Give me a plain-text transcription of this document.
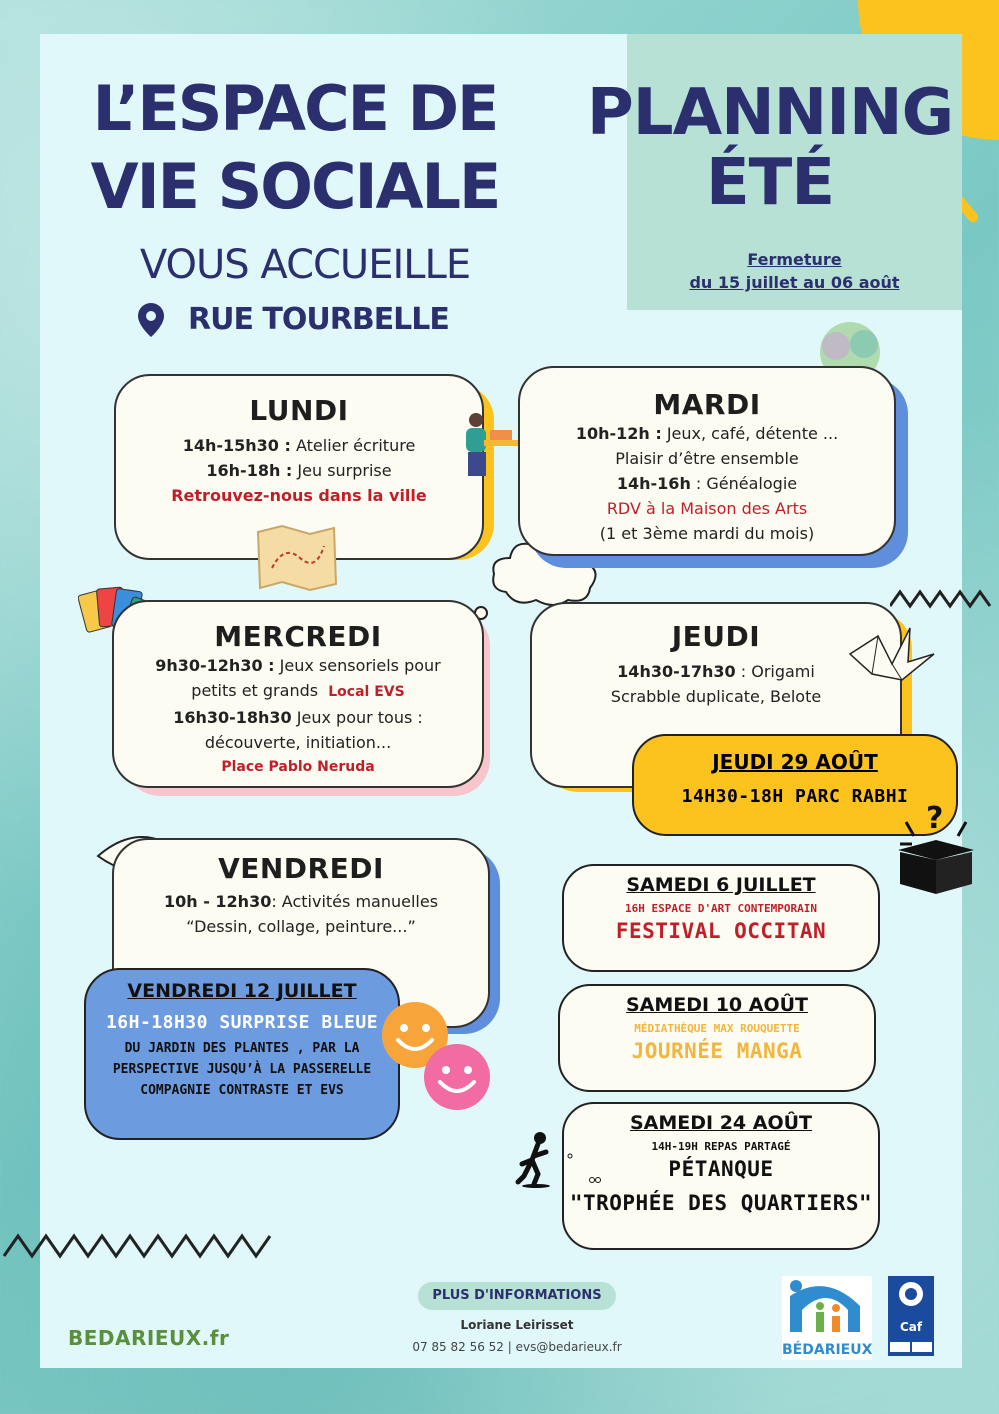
PLANNING
ÉTÉ
Fermeture
du 15 juillet au 06 août
L’ESPACE DE
VIE SOCIALE
VOUS ACCUEILLE
RUE TOURBELLE
LUNDI
14h-15h30 : Atelier écriture
16h-18h : Jeu surprise
Retrouvez-nous dans la ville
MARDI
10h-12h : Jeux, café, détente ...
Plaisir d’être ensemble
14h-16h : Généalogie
RDV à la Maison des Arts
(1 et 3ème mardi du mois)
MERCREDI
9h30-12h30 : Jeux sensoriels pour
petits et grands Local EVS
16h30-18h30 Jeux pour tous :
découverte, initiation...
Place Pablo Neruda
JEUDI
14h30-17h30 : Origami
Scrabble duplicate, Belote
JEUDI 29 AOÛT
14H30-18H PARC RABHI
?
VENDREDI
10h - 12h30: Activités manuelles
“Dessin, collage, peinture...”
VENDREDI 12 JUILLET
16H-18H30 SURPRISE BLEUE
DU JARDIN DES PLANTES , PAR LA
PERSPECTIVE JUSQU’À LA PASSERELLE
COMPAGNIE CONTRASTE ET EVS
SAMEDI 6 JUILLET
16H ESPACE D'ART CONTEMPORAIN
FESTIVAL OCCITAN
SAMEDI 10 AOÛT
MÉDIATHÈQUE MAX ROUQUETTE
JOURNÉE MANGA
SAMEDI 24 AOÛT
14H-19H REPAS PARTAGÉ
PÉTANQUE
"TROPHÉE DES QUARTIERS"
PLUS D'INFORMATIONS
Loriane Leirisset
07 85 82 56 52 | evs@bedarieux.fr
BEDARIEUX.fr	BÉDARIEUX
Caf
